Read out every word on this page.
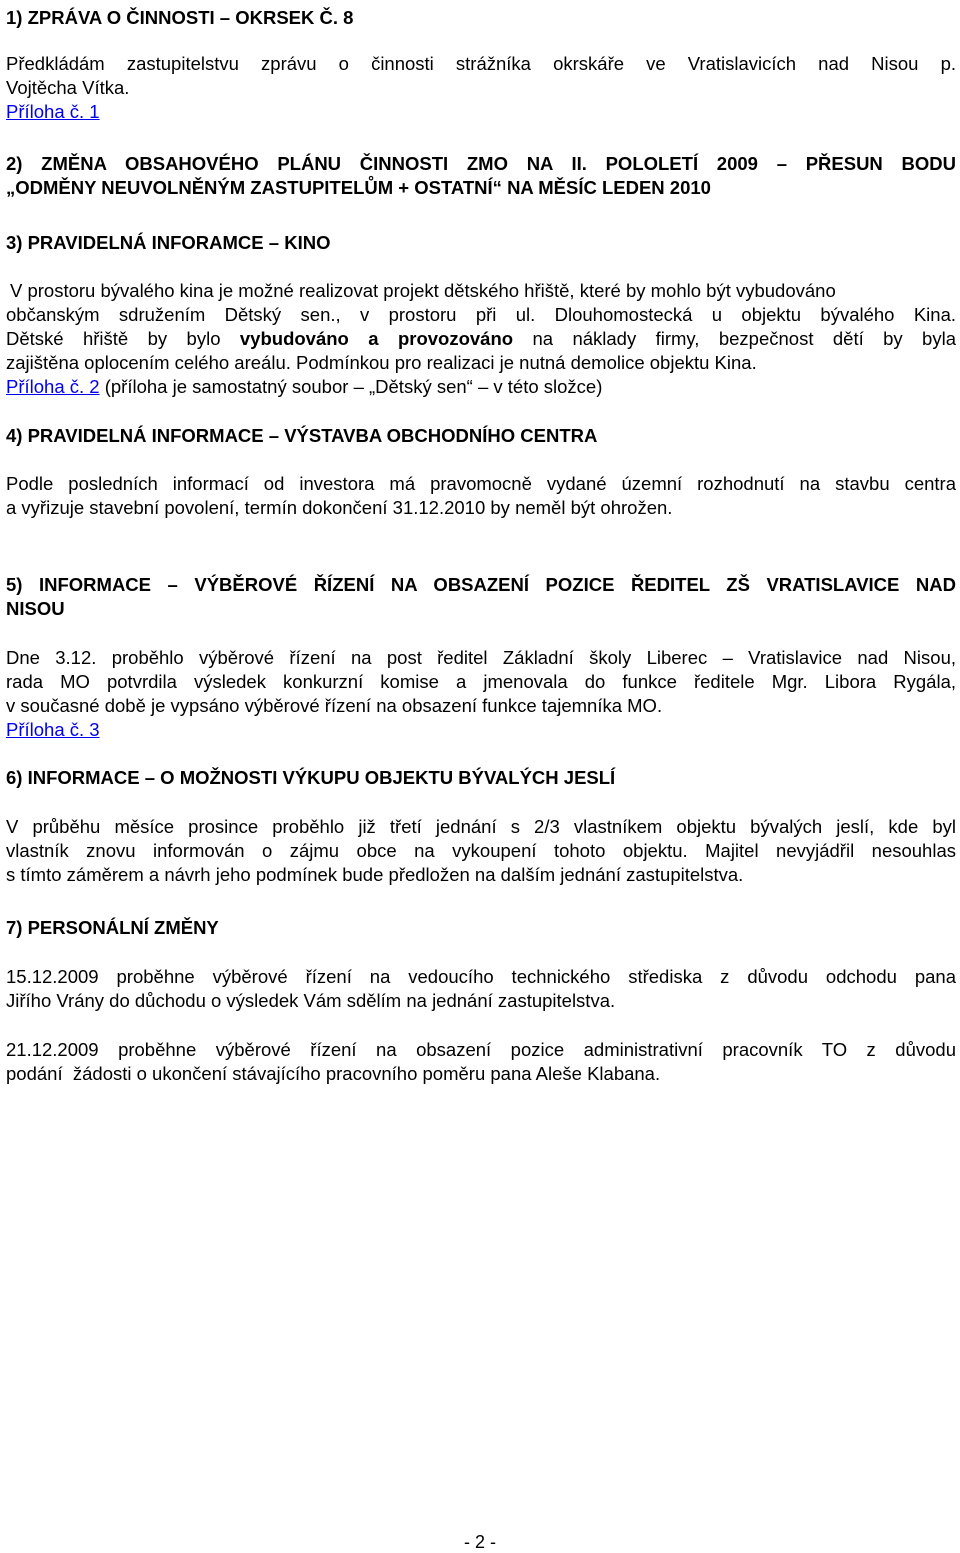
1) ZPRÁVA O ČINNOSTI – OKRSEK Č. 8
Předkládám zastupitelstvu zprávu o činnosti strážníka okrskáře ve Vratislavicích nad Nisou p.
Vojtěcha Vítka.
Příloha č. 1
2) ZMĚNA OBSAHOVÉHO PLÁNU ČINNOSTI ZMO NA II. POLOLETÍ 2009 – PŘESUN BODU
„ODMĚNY NEUVOLNĚNÝM ZASTUPITELŮM + OSTATNÍ“ NA MĚSÍC LEDEN 2010
3) PRAVIDELNÁ INFORAMCE – KINO
V prostoru bývalého kina je možné realizovat projekt dětského hřiště, které by mohlo být vybudováno
občanským sdružením Dětský sen., v prostoru při ul. Dlouhomostecká u objektu bývalého Kina.
Dětské hřiště by bylo vybudováno a provozováno na náklady firmy, bezpečnost dětí by byla
zajištěna oplocením celého areálu. Podmínkou pro realizaci je nutná demolice objektu Kina.
Příloha č. 2 (příloha je samostatný soubor – „Dětský sen“ – v této složce)
4) PRAVIDELNÁ INFORMACE – VÝSTAVBA OBCHODNÍHO CENTRA
Podle posledních informací od investora má pravomocně vydané územní rozhodnutí na stavbu centra
a vyřizuje stavební povolení, termín dokončení 31.12.2010 by neměl být ohrožen.
5) INFORMACE – VÝBĚROVÉ ŘÍZENÍ NA OBSAZENÍ POZICE ŘEDITEL ZŠ VRATISLAVICE NAD
NISOU
Dne 3.12. proběhlo výběrové řízení na post ředitel Základní školy Liberec – Vratislavice nad Nisou,
rada MO potvrdila výsledek konkurzní komise a jmenovala do funkce ředitele Mgr. Libora Rygála,
v současné době je vypsáno výběrové řízení na obsazení funkce tajemníka MO.
Příloha č. 3
6) INFORMACE – O MOŽNOSTI VÝKUPU OBJEKTU BÝVALÝCH JESLÍ
V průběhu měsíce prosince proběhlo již třetí jednání s 2/3 vlastníkem objektu bývalých jeslí, kde byl
vlastník znovu informován o zájmu obce na vykoupení tohoto objektu. Majitel nevyjádřil nesouhlas
s tímto záměrem a návrh jeho podmínek bude předložen na dalším jednání zastupitelstva.
7) PERSONÁLNÍ ZMĚNY
15.12.2009 proběhne výběrové řízení na vedoucího technického střediska z důvodu odchodu pana
Jiřího Vrány do důchodu o výsledek Vám sdělím na jednání zastupitelstva.
21.12.2009 proběhne výběrové řízení na obsazení pozice administrativní pracovník TO z důvodu
podání  žádosti o ukončení stávajícího pracovního poměru pana Aleše Klabana.
- 2 -
